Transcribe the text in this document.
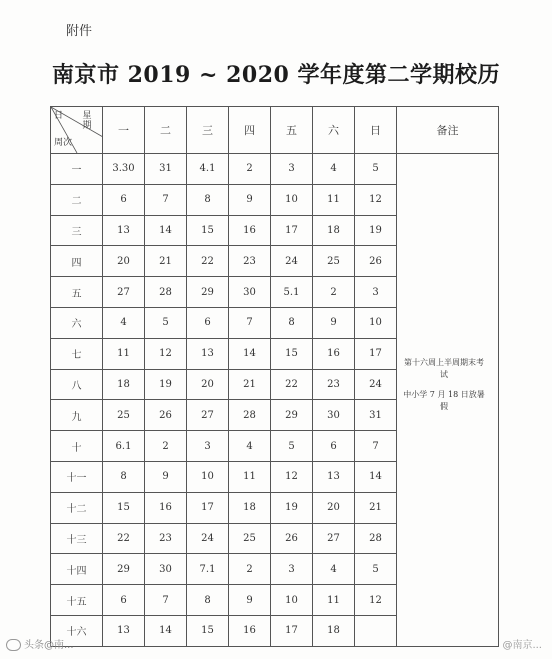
附件
南京市 2019 ~ 2020 学年度第二学期校历
日 星期
周次	一	二	三	四	五	六	日	备注
一	3.30	31	4.1	2	3	4	5	第十六周上半周期末考试

中小学 7 月 18 日放暑假

二	6	7	8	9	10	11	12	
三	13	14	15	16	17	18	19	
四	20	21	22	23	24	25	26	
五	27	28	29	30	5.1	2	3	
六	4	5	6	7	8	9	10	
七	11	12	13	14	15	16	17	
八	18	19	20	21	22	23	24	
九	25	26	27	28	29	30	31	
十	6.1	2	3	4	5	6	7	
十一	8	9	10	11	12	13	14	
十二	15	16	17	18	19	20	21	
十三	22	23	24	25	26	27	28	
十四	29	30	7.1	2	3	4	5	
十五	6	7	8	9	10	11	12	
十六	13	14	15	16	17	18		
头条@南...	@南京...
